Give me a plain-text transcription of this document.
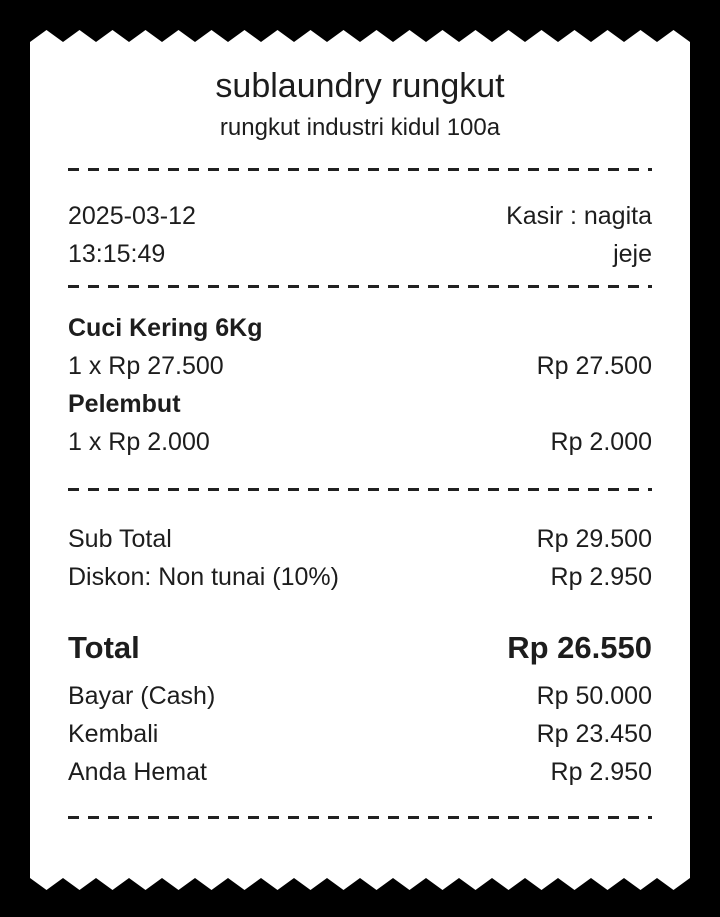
sublaundry rungkut
rungkut industri kidul 100a
2025-03-12
13:15:49
Kasir : nagita
jeje
Cuci Kering 6Kg
1 x Rp 27.500	Rp 27.500
Pelembut
1 x Rp 2.000	Rp 2.000
Sub Total	Rp 29.500
Diskon: Non tunai (10%)	Rp 2.950
Total	Rp 26.550
Bayar (Cash)	Rp 50.000
Kembali	Rp 23.450
Anda Hemat	Rp 2.950
